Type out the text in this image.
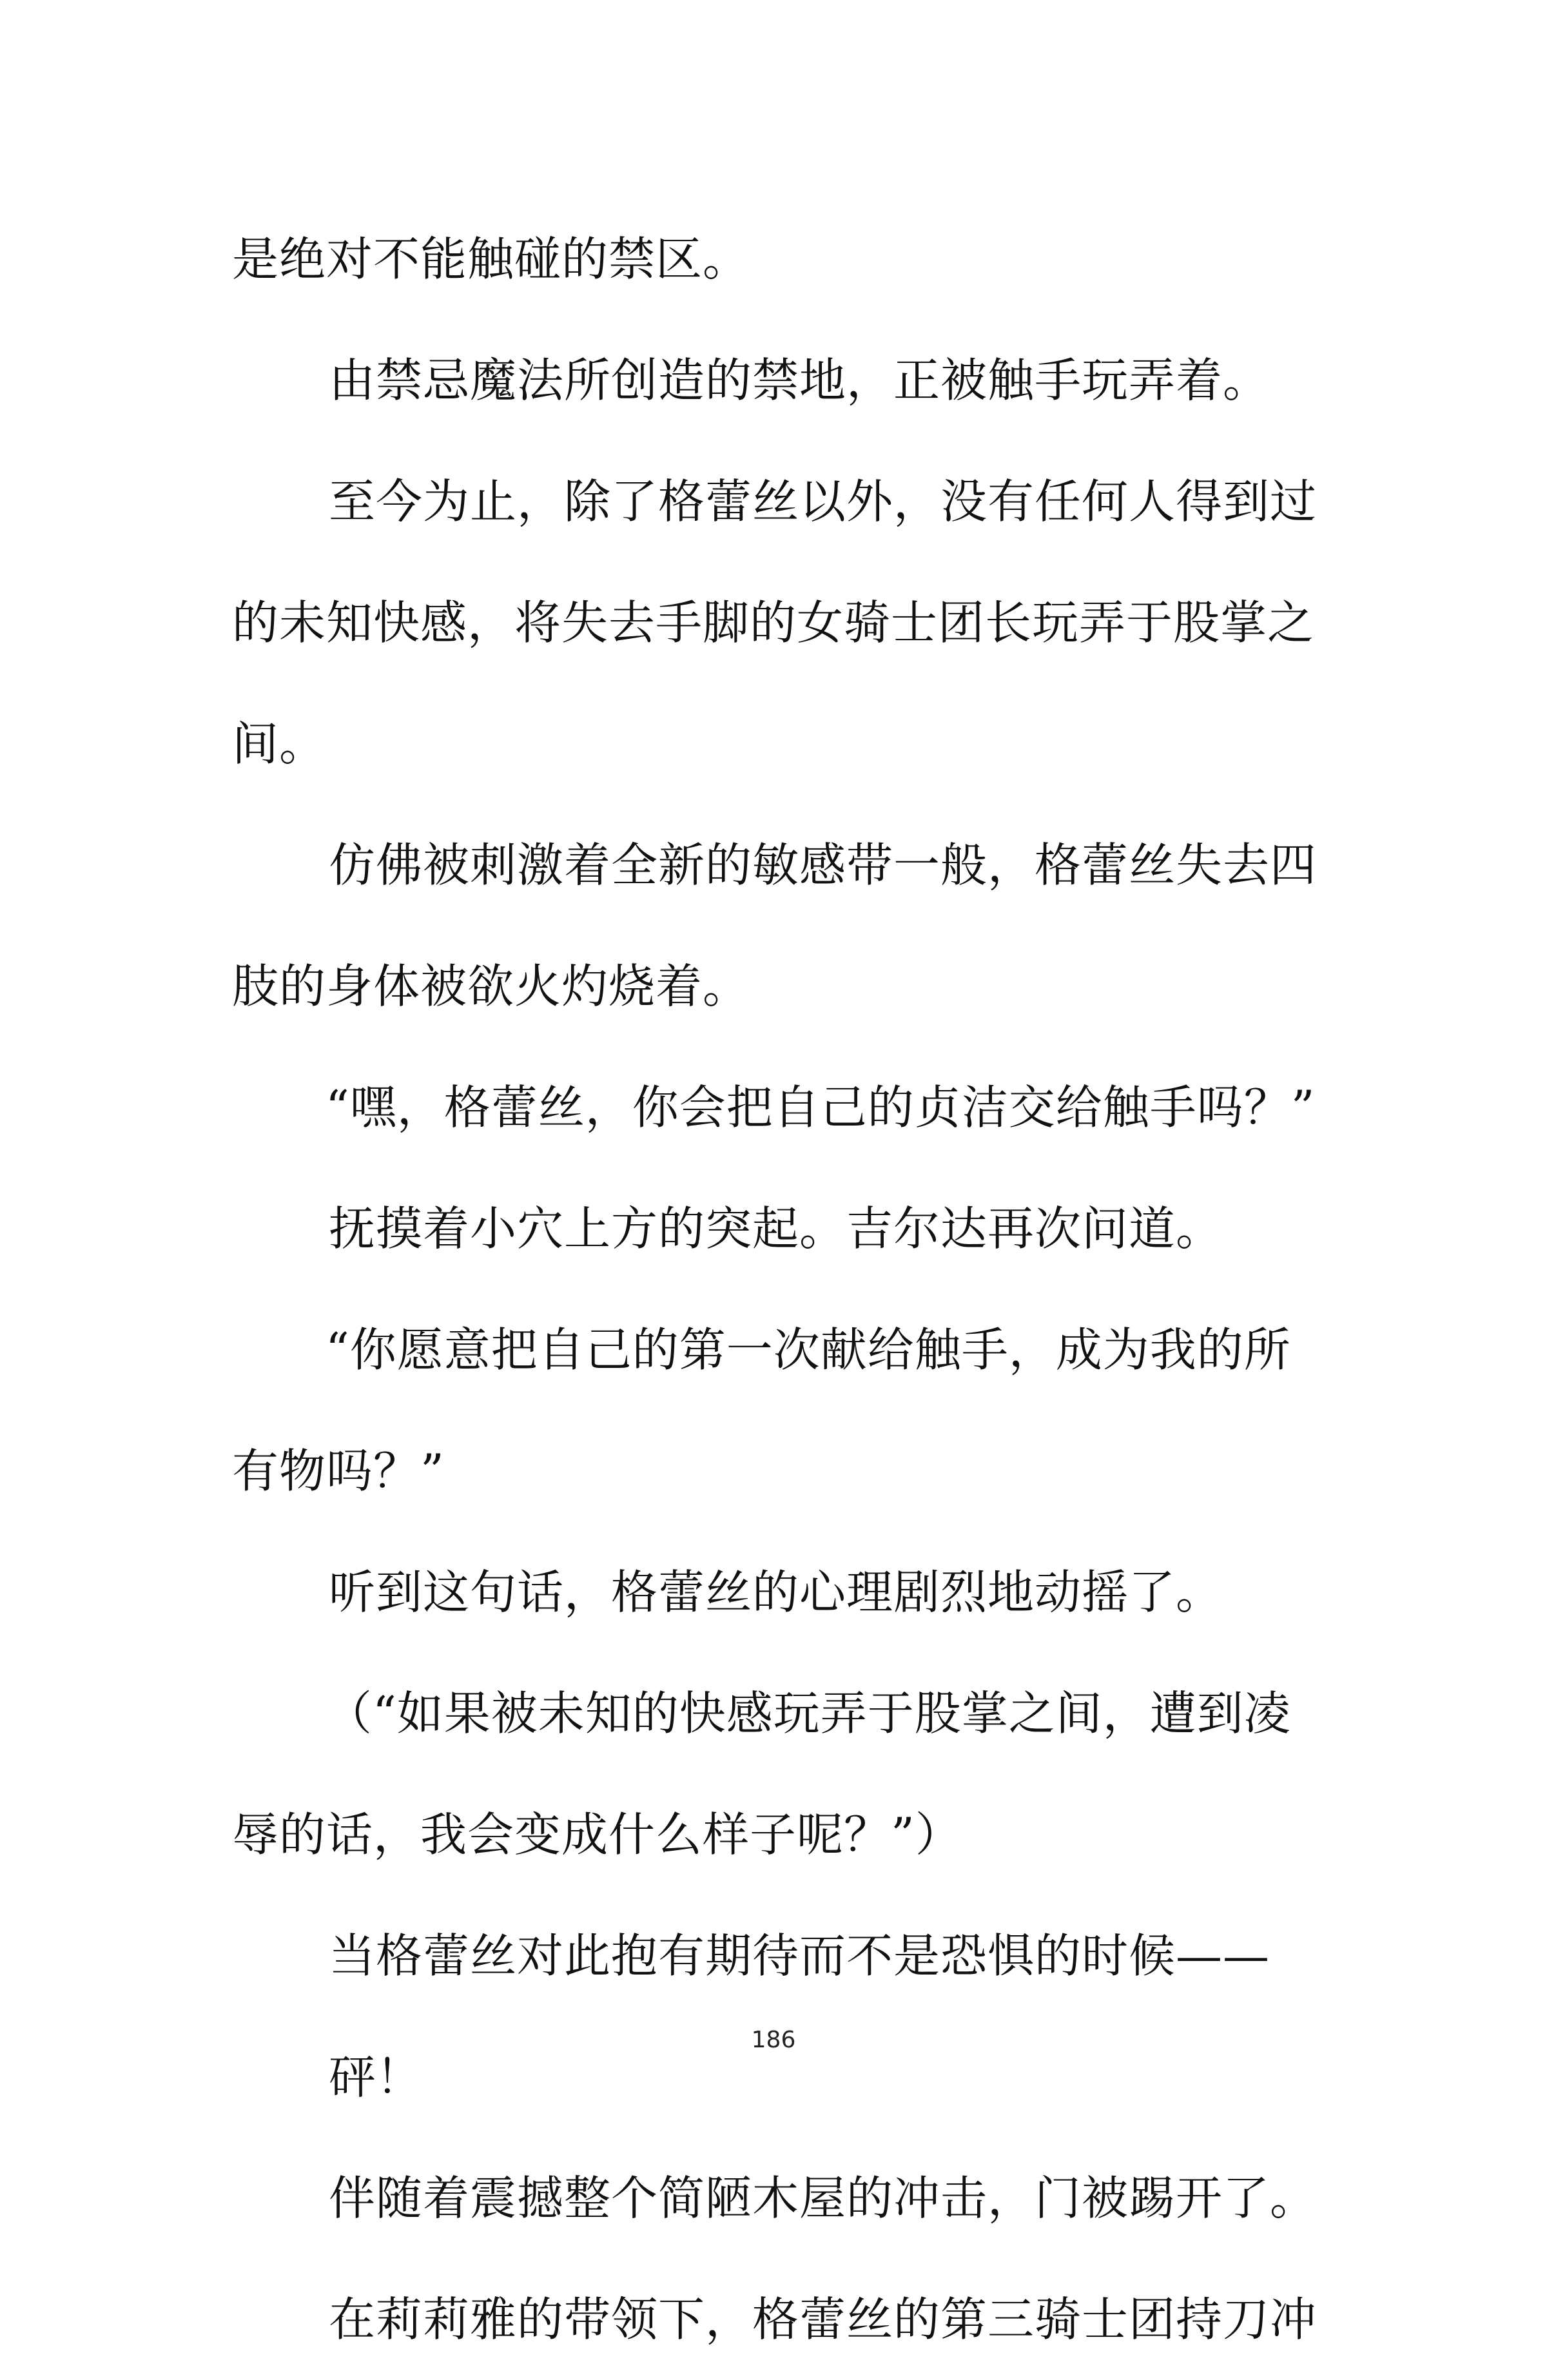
是绝对不能触碰的禁区。
由禁忌魔法所创造的禁地，正被触手玩弄着。
至今为止，除了格蕾丝以外，没有任何人得到过
的未知快感，将失去手脚的女骑士团长玩弄于股掌之
间。
仿佛被刺激着全新的敏感带一般，格蕾丝失去四
肢的身体被欲火灼烧着。
“嘿，格蕾丝，你会把自己的贞洁交给触手吗？”
抚摸着小穴上方的突起。吉尔达再次问道。
“你愿意把自己的第一次献给触手，成为我的所
有物吗？”
听到这句话，格蕾丝的心理剧烈地动摇了。
（“如果被未知的快感玩弄于股掌之间，遭到凌
辱的话，我会变成什么样子呢？”）
当格蕾丝对此抱有期待而不是恐惧的时候——
砰！
伴随着震撼整个简陋木屋的冲击，门被踢开了。
在莉莉雅的带领下，格蕾丝的第三骑士团持刀冲
186
